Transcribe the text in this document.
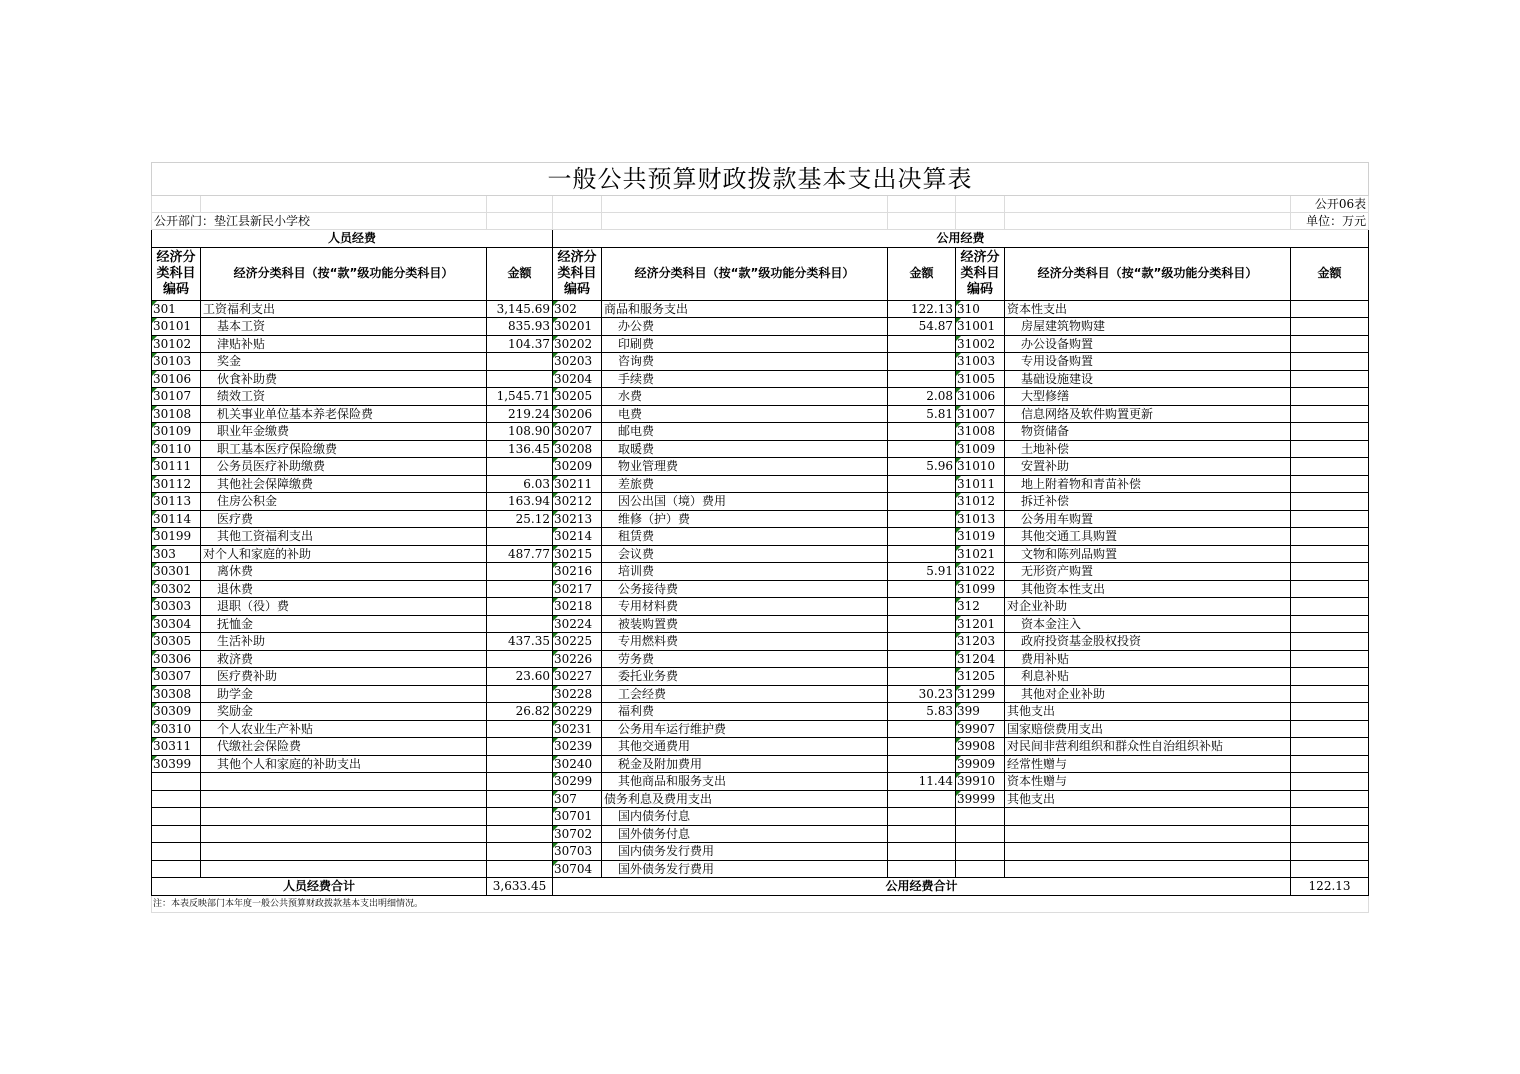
一般公共预算财政拨款基本支出决算表								
								公开06表
公开部门：垫江县新民小学校								单位：万元
人员经费			公用经费					
经济分类科目编码	经济分类科目（按“款”级功能分类科目）	金额	经济分类科目编码	经济分类科目（按“款”级功能分类科目）	金额	经济分类科目编码	经济分类科目（按“款”级功能分类科目）	金额
301	工资福利支出	3,145.69	302	商品和服务支出	122.13	310	资本性支出	
30101	基本工资	835.93	30201	办公费	54.87	31001	房屋建筑物购建	
30102	津贴补贴	104.37	30202	印刷费		31002	办公设备购置	
30103	奖金		30203	咨询费		31003	专用设备购置	
30106	伙食补助费		30204	手续费		31005	基础设施建设	
30107	绩效工资	1,545.71	30205	水费	2.08	31006	大型修缮	
30108	机关事业单位基本养老保险费	219.24	30206	电费	5.81	31007	信息网络及软件购置更新	
30109	职业年金缴费	108.90	30207	邮电费		31008	物资储备	
30110	职工基本医疗保险缴费	136.45	30208	取暖费		31009	土地补偿	
30111	公务员医疗补助缴费		30209	物业管理费	5.96	31010	安置补助	
30112	其他社会保障缴费	6.03	30211	差旅费		31011	地上附着物和青苗补偿	
30113	住房公积金	163.94	30212	因公出国（境）费用		31012	拆迁补偿	
30114	医疗费	25.12	30213	维修（护）费		31013	公务用车购置	
30199	其他工资福利支出		30214	租赁费		31019	其他交通工具购置	
303	对个人和家庭的补助	487.77	30215	会议费		31021	文物和陈列品购置	
30301	离休费		30216	培训费	5.91	31022	无形资产购置	
30302	退休费		30217	公务接待费		31099	其他资本性支出	
30303	退职（役）费		30218	专用材料费		312	对企业补助	
30304	抚恤金		30224	被装购置费		31201	资本金注入	
30305	生活补助	437.35	30225	专用燃料费		31203	政府投资基金股权投资	
30306	救济费		30226	劳务费		31204	费用补贴	
30307	医疗费补助	23.60	30227	委托业务费		31205	利息补贴	
30308	助学金		30228	工会经费	30.23	31299	其他对企业补助	
30309	奖励金	26.82	30229	福利费	5.83	399	其他支出	
30310	个人农业生产补贴		30231	公务用车运行维护费		39907	国家赔偿费用支出	
30311	代缴社会保险费		30239	其他交通费用		39908	对民间非营利组织和群众性自治组织补贴	
30399	其他个人和家庭的补助支出		30240	税金及附加费用		39909	经常性赠与	
			30299	其他商品和服务支出	11.44	39910	资本性赠与	
			307	债务利息及费用支出		39999	其他支出	
			30701	国内债务付息				
			30702	国外债务付息				
			30703	国内债务发行费用				
			30704	国外债务发行费用				
人员经费合计		3,633.45	公用经费合计					122.13
注：本表反映部门本年度一般公共预算财政拨款基本支出明细情况。								
